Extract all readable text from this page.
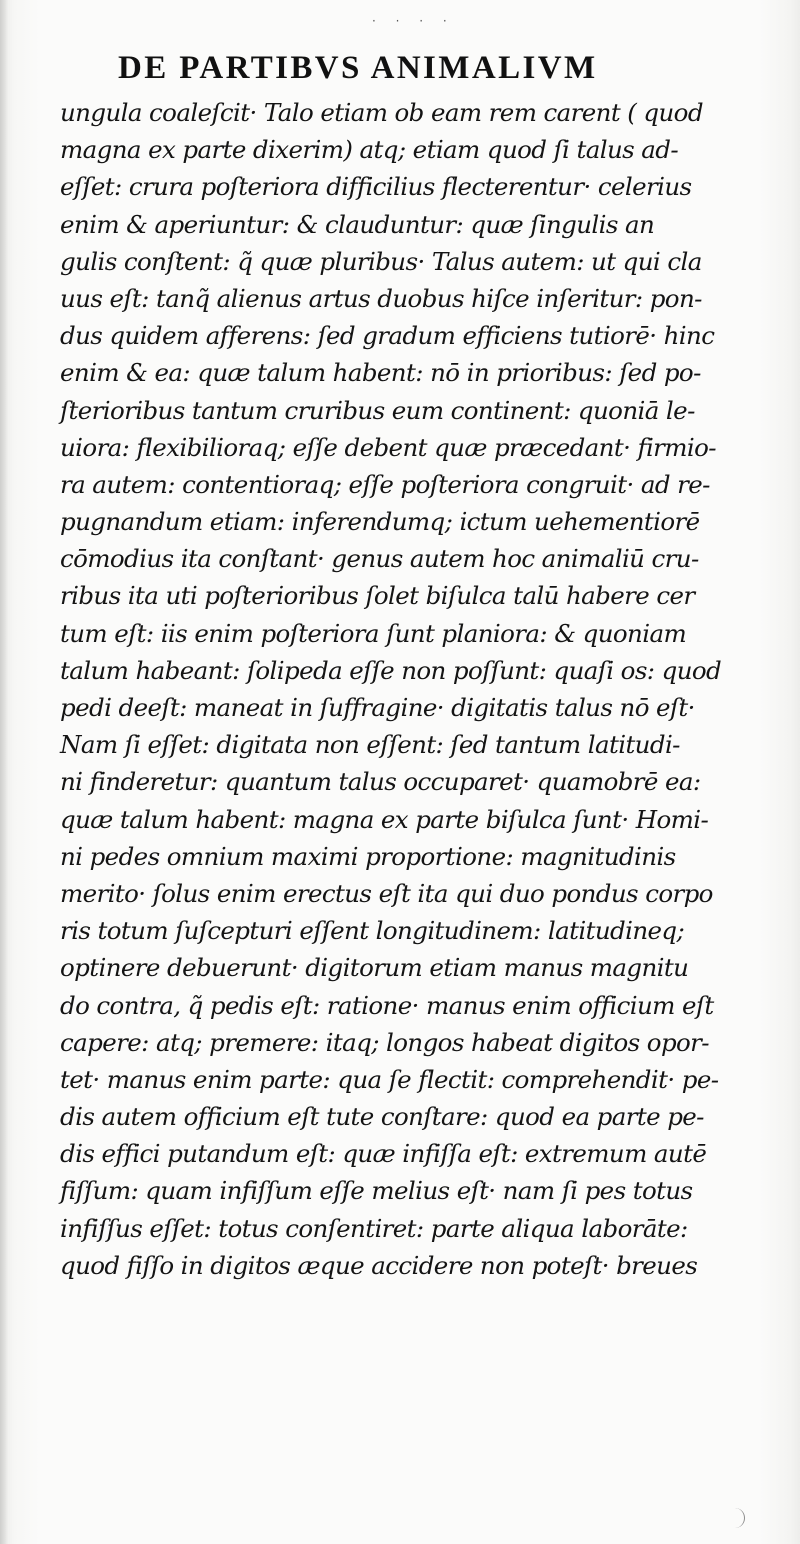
· · · ·
DE PARTIBVS ANIMALIVM
ungula coaleſcit· Talo etiam ob eam rem carent ( quod
magna ex parte dixerim) atq; etiam quod ſi talus ad-
eſſet: crura poſteriora difficilius flecterentur· celerius
enim & aperiuntur: & clauduntur: quæ ſingulis an
gulis conſtent: q̃ quæ pluribus· Talus autem: ut qui cla
uus eſt: tanq̃ alienus artus duobus hiſce inſeritur: pon-
dus quidem afferens: ſed gradum efficiens tutiorē· hinc
enim & ea: quæ talum habent: nō in prioribus: ſed po-
ſterioribus tantum cruribus eum continent: quoniā le-
uiora: flexibilioraq; eſſe debent quæ præcedant· firmio-
ra autem: contentioraq; eſſe poſteriora congruit· ad re-
pugnandum etiam: inferendumq; ictum uehementiorē
cōmodius ita conſtant· genus autem hoc animaliū cru-
ribus ita uti poſterioribus ſolet biſulca talū habere cer
tum eſt: iis enim poſteriora ſunt planiora: & quoniam
talum habeant: ſolipeda eſſe non poſſunt: quaſi os: quod
pedi deeſt: maneat in ſuffragine· digitatis talus nō eſt·
Nam ſi eſſet: digitata non eſſent: ſed tantum latitudi-
ni finderetur: quantum talus occuparet· quamobrē ea:
quæ talum habent: magna ex parte biſulca ſunt· Homi-
ni pedes omnium maximi proportione: magnitudinis
merito· ſolus enim erectus eſt ita qui duo pondus corpo
ris totum ſuſcepturi eſſent longitudinem: latitudineq;
optinere debuerunt· digitorum etiam manus magnitu
do contra, q̃ pedis eſt: ratione· manus enim officium eſt
capere: atq; premere: itaq; longos habeat digitos opor-
tet· manus enim parte: qua ſe flectit: comprehendit· pe-
dis autem officium eſt tute conſtare: quod ea parte pe-
dis effici putandum eſt: quæ infiſſa eſt: extremum autē
fiſſum: quam infiſſum eſſe melius eſt· nam ſi pes totus
infiſſus eſſet: totus conſentiret: parte aliqua laborāte:
quod fiſſo in digitos æque accidere non poteſt· breues
